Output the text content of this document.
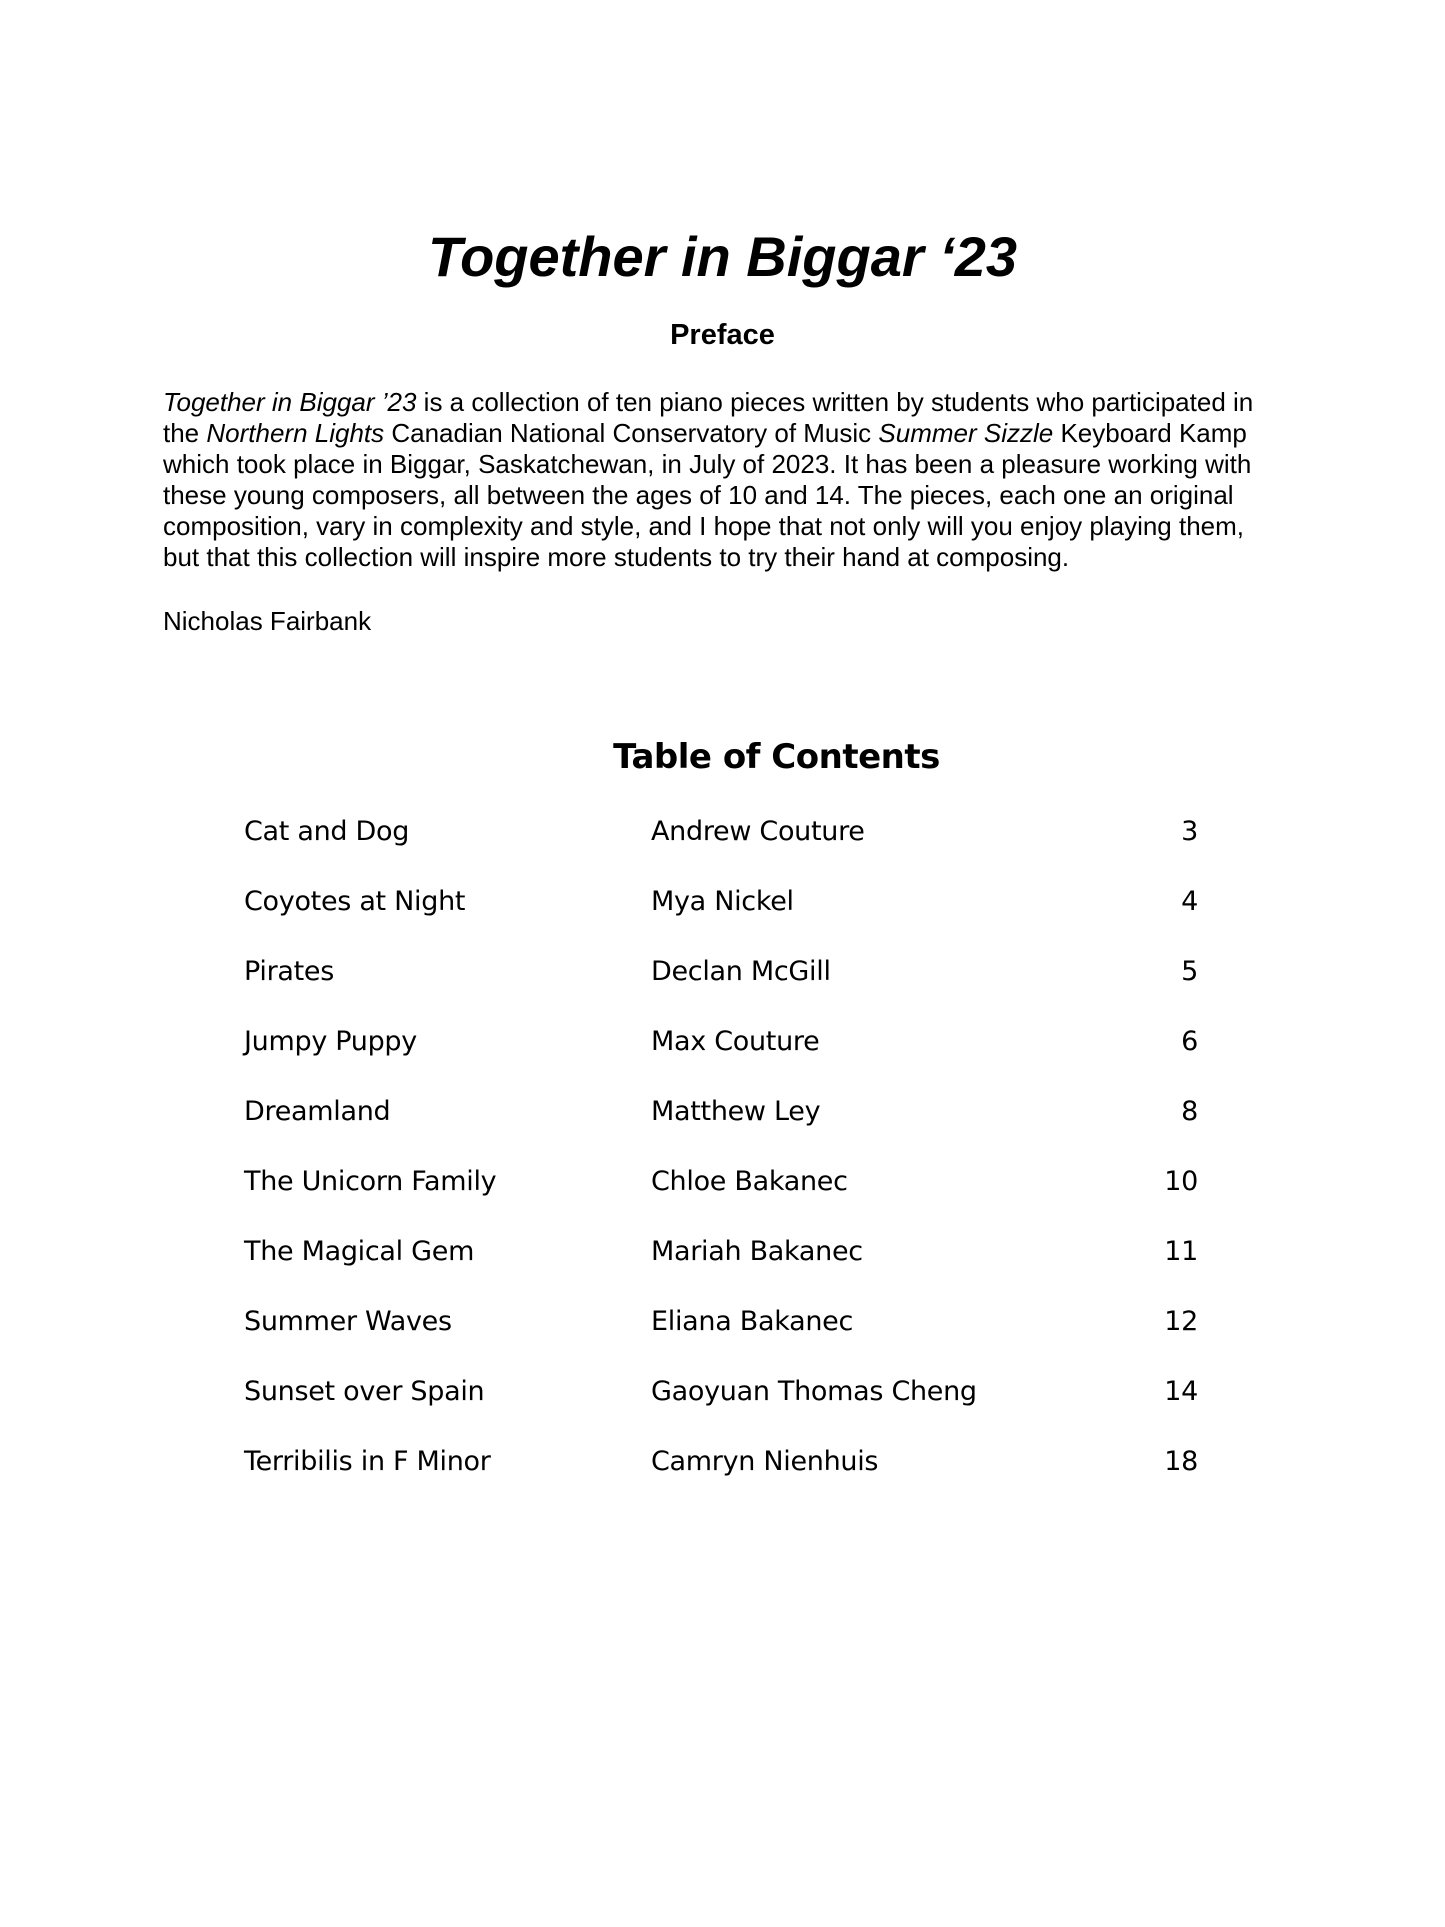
Together in Biggar ‘23
Preface

Together in Biggar ’23 is a collection of ten piano pieces written by students who participated in
the Northern Lights Canadian National Conservatory of Music Summer Sizzle Keyboard Kamp
which took place in Biggar, Saskatchewan, in July of 2023. It has been a pleasure working with
these young composers, all between the ages of 10 and 14. The pieces, each one an original
composition, vary in complexity and style, and I hope that not only will you enjoy playing them,
but that this collection will inspire more students to try their hand at composing.

Nicholas Fairbank

Table of Contents
Cat and Dog	Andrew Couture	3
Coyotes at Night	Mya Nickel	4
Pirates	Declan McGill	5
Jumpy Puppy	Max Couture	6
Dreamland	Matthew Ley	8
The Unicorn Family	Chloe Bakanec	10
The Magical Gem	Mariah Bakanec	11
Summer Waves	Eliana Bakanec	12
Sunset over Spain	Gaoyuan Thomas Cheng	14
Terribilis in F Minor	Camryn Nienhuis	18
